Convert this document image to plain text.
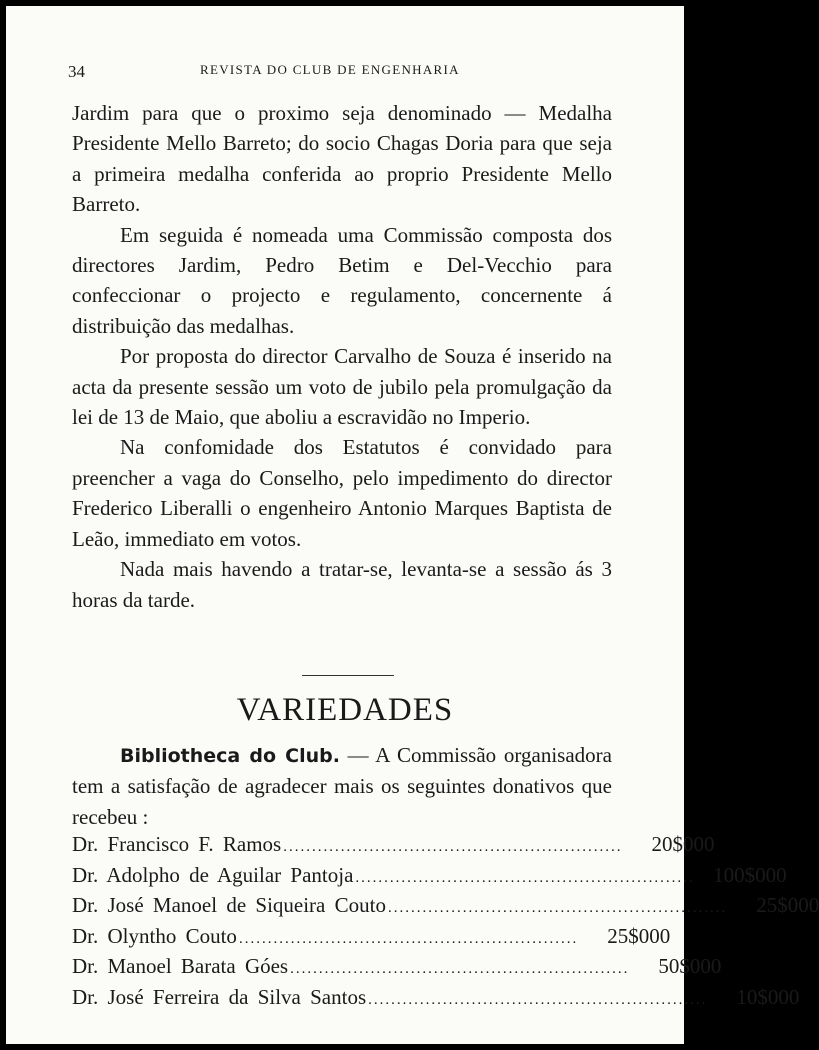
34	REVISTA DO CLUB DE ENGENHARIA

Jardim para que o proximo seja denominado — Medalha Presidente Mello Barreto; do socio Chagas Doria para que seja a primeira medalha conferida ao proprio Presidente Mello Barreto.

Em seguida é nomeada uma Commissão composta dos directores Jardim, Pedro Betim e Del-Vecchio para confeccionar o projecto e regulamento, concernente á distribuição das medalhas.

Por proposta do director Carvalho de Souza é inserido na acta da presente sessão um voto de jubilo pela promulgação da lei de 13 de Maio, que aboliu a escravidão no Imperio.

Na confomidade dos Estatutos é convidado para preencher a vaga do Conselho, pelo impedimento do director Frederico Liberalli o engenheiro Antonio Marques Baptista de Leão, immediato em votos.

Nada mais havendo a tratar-se, levanta-se a sessão ás 3 horas da tarde.

VARIEDADES
Bibliotheca do Club. — A Commissão organisadora tem a satisfação de agradecer mais os seguintes donativos que recebeu :
Dr. Francisco F. Ramos ...........................................................	20$000
Dr. Adolpho de Aguilar Pantoja ........................................................... 100$000
Dr. José Manoel de Siqueira Couto ...........................................................	25$000
Dr. Olyntho Couto ...........................................................	25$000
Dr. Manoel Barata Góes ...........................................................	50$000
Dr. José Ferreira da Silva Santos ...........................................................	10$000
